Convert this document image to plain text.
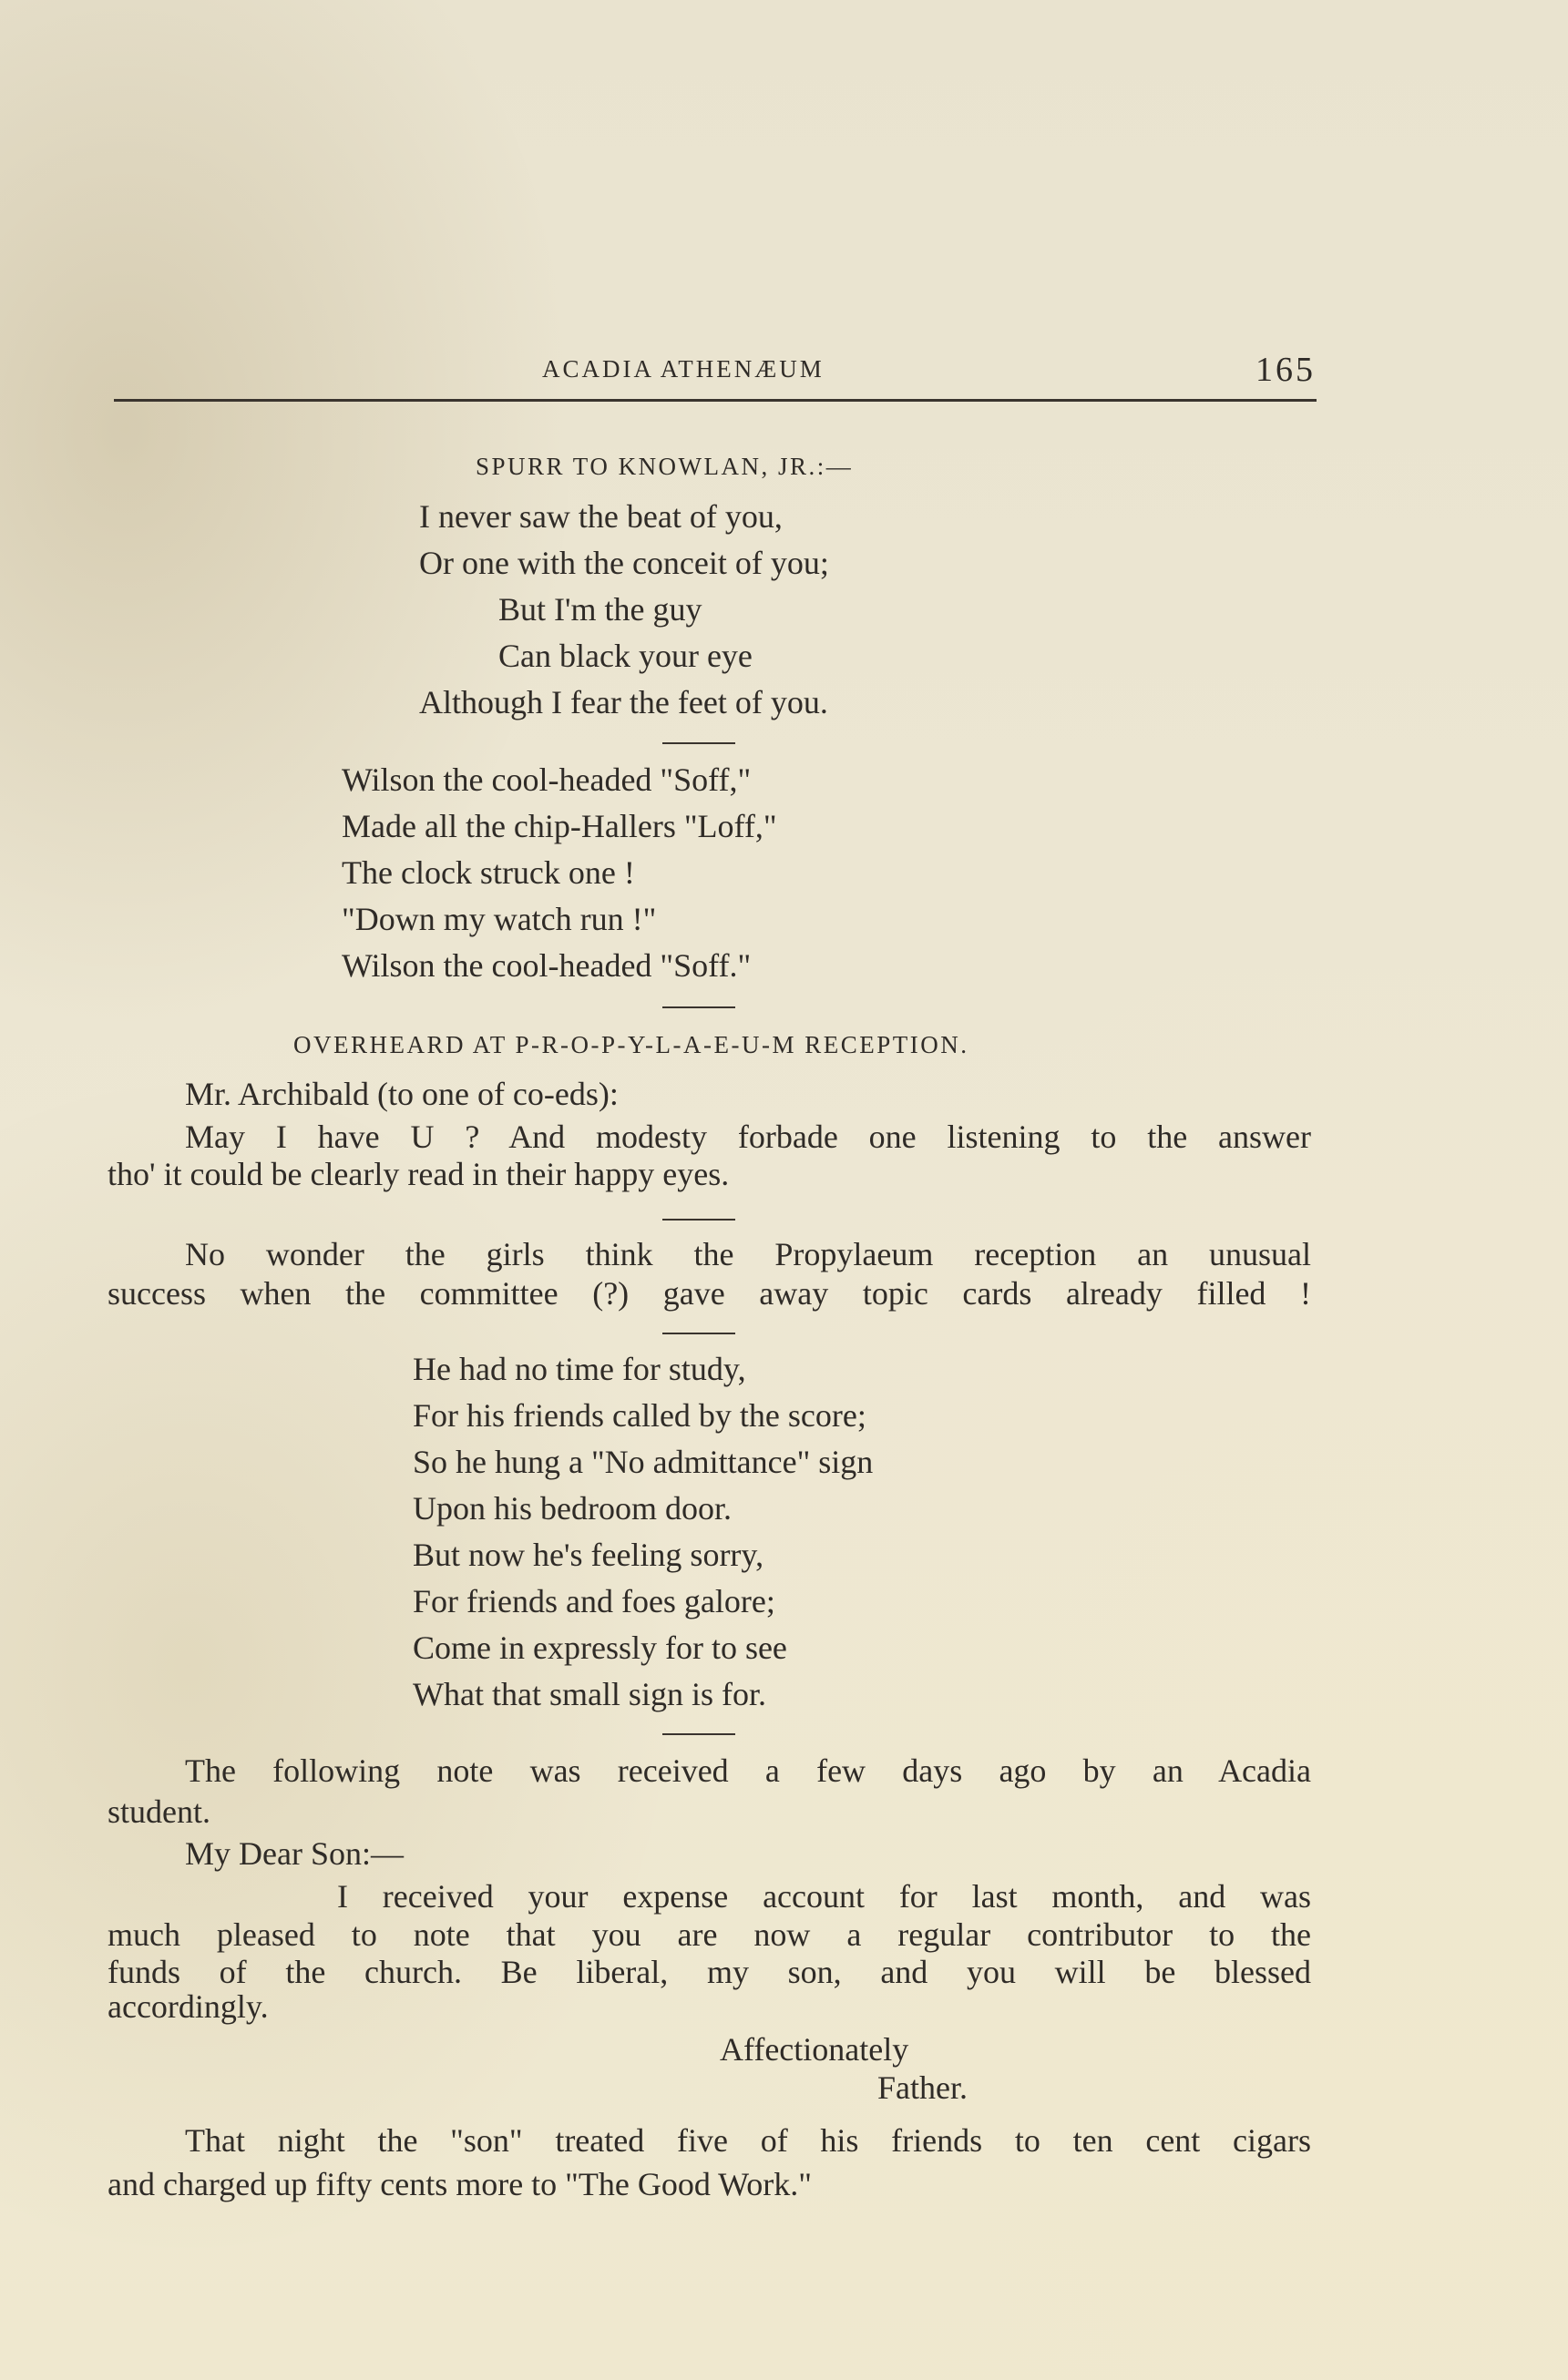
ACADIA ATHENÆUM	165
SPURR TO KNOWLAN, JR.:—
I never saw the beat of you,
Or one with the conceit of you;
But I'm the guy
Can black your eye
Although I fear the feet of you.
Wilson the cool-headed "Soff,"
Made all the chip-Hallers "Loff,"
The clock struck one !
"Down my watch run !"
Wilson the cool-headed "Soff."
OVERHEARD AT P-R-O-P-Y-L-A-E-U-M RECEPTION.
Mr. Archibald (to one of co-eds):
May I have U ? And modesty forbade one listening to the answer
tho' it could be clearly read in their happy eyes.
No wonder the girls think the Propylaeum reception an unusual
success when the committee (?) gave away topic cards already filled !
He had no time for study,
For his friends called by the score;
So he hung a "No admittance" sign
Upon his bedroom door.
But now he's feeling sorry,
For friends and foes galore;
Come in expressly for to see
What that small sign is for.
The following note was received a few days ago by an Acadia
student.
My Dear Son:—
I received your expense account for last month, and was
much pleased to note that you are now a regular contributor to the
funds of the church. Be liberal, my son, and you will be blessed
accordingly.
Affectionately
Father.
That night the "son" treated five of his friends to ten cent cigars
and charged up fifty cents more to "The Good Work."
